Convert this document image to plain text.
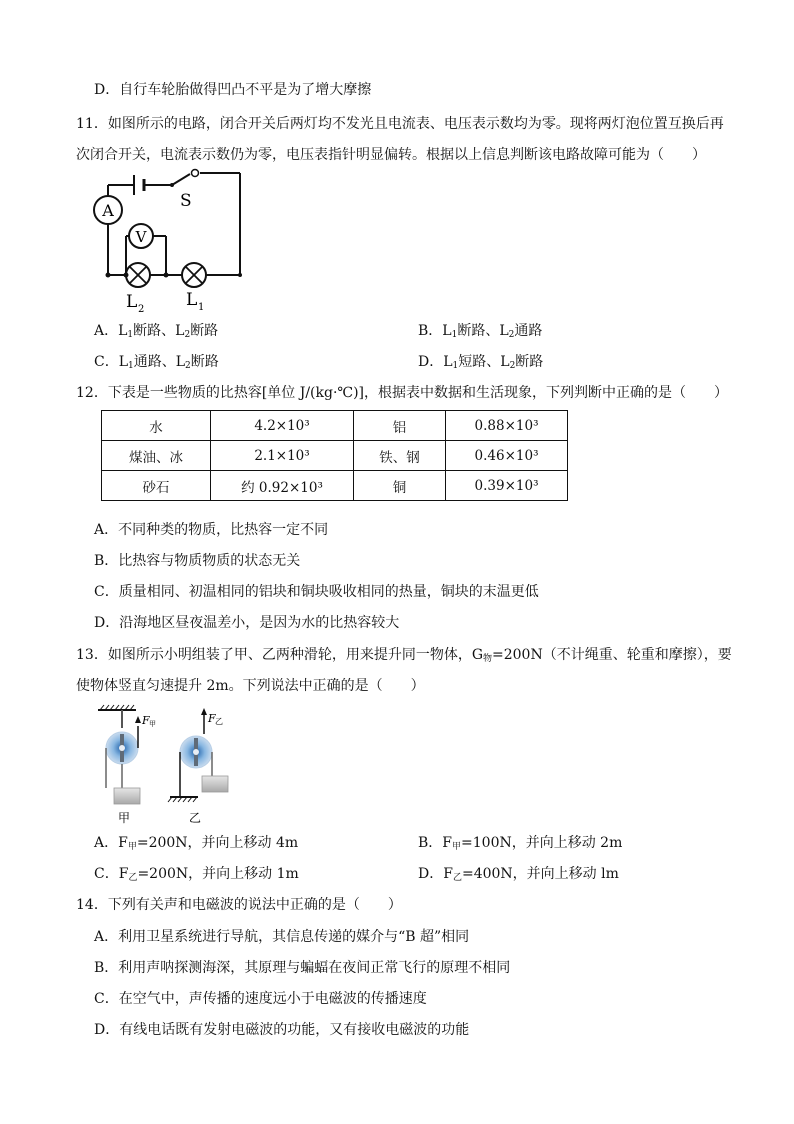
D．自行车轮胎做得凹凸不平是为了增大摩擦
11．如图所示的电路，闭合开关后两灯均不发光且电流表、电压表示数均为零。现将两灯泡位置互换后再
次闭合开关，电流表示数仍为零，电压表指针明显偏转。根据以上信息判断该电路故障可能为（　　）
A
V
S
L 2 L 1
A．$L_1$断路、$L_2$断路	B．$L_1$断路、$L_2$通路
C．$L_1$通路、$L_2$断路	D．$L_1$短路、$L_2$断路
12．下表是一些物质的比热容[单位 J/(kg·℃)]，根据表中数据和生活现象，下列判断中正确的是（　　）
水	4.2×10³	铝	0.88×10³
煤油、冰	2.1×10³	铁、钢	0.46×10³
砂石	约 0.92×10³	铜	0.39×10³
A．不同种类的物质，比热容一定不同
B．比热容与物质物质的状态无关
C．质量相同、初温相同的铝块和铜块吸收相同的热量，铜块的末温更低
D．沿海地区昼夜温差小，是因为水的比热容较大
13．如图所示小明组装了甲、乙两种滑轮，用来提升同一物体，$G_物=200N$（不计绳重、轮重和摩擦），要
使物体竖直匀速提升 2m。下列说法中正确的是（　　）
F 甲
甲
F 乙
乙
A．$F_甲=200N$，并向上移动 4m	B．$F_甲=100N$，并向上移动 2m
C．$F_乙=200N$，并向上移动 1m	D．$F_乙=400N$，并向上移动 lm
14．下列有关声和电磁波的说法中正确的是（　　）
A．利用卫星系统进行导航，其信息传递的媒介与“B 超”相同
B．利用声呐探测海深，其原理与蝙蝠在夜间正常飞行的原理不相同
C．在空气中，声传播的速度远小于电磁波的传播速度
D．有线电话既有发射电磁波的功能，又有接收电磁波的功能
